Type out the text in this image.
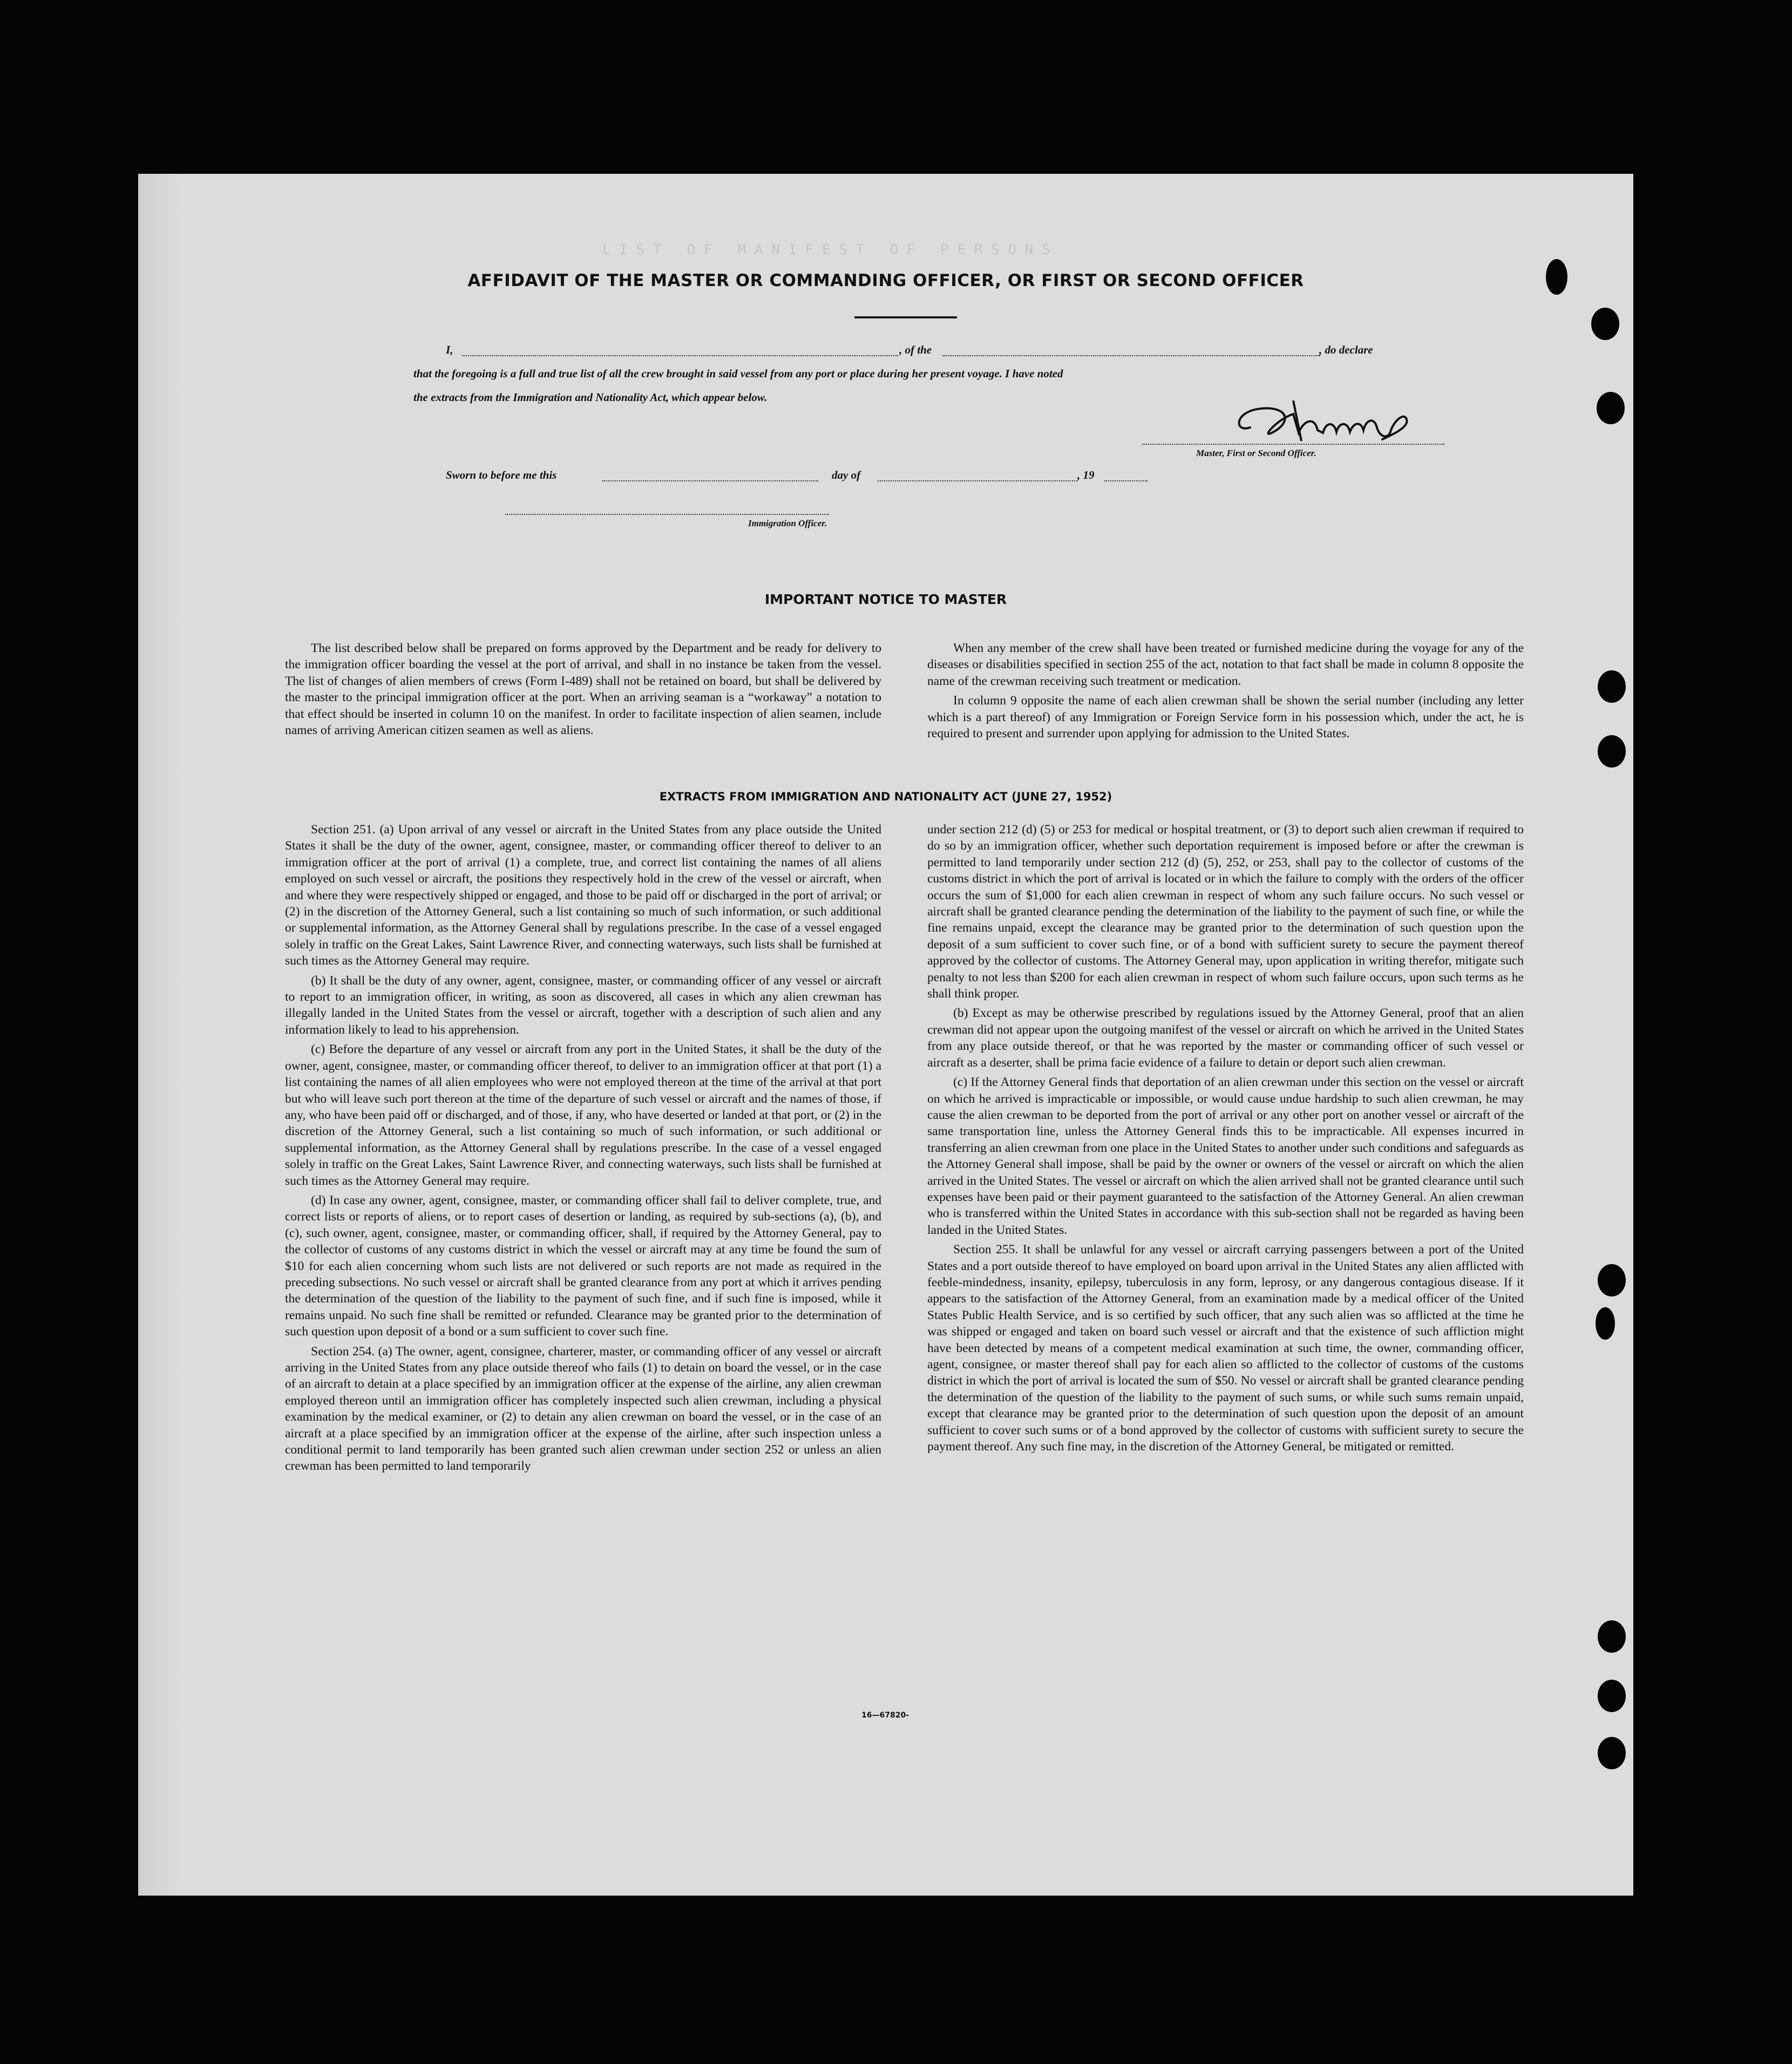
L I S T   O F   M A N I F E S T   O F   P E R S O N S
AFFIDAVIT OF THE MASTER OR COMMANDING OFFICER, OR FIRST OR SECOND OFFICER
I,	, of the	, do declare
that the foregoing is a full and true list of all the crew brought in said vessel from any port or place during her present voyage. I have noted
the extracts from the Immigration and Nationality Act, which appear below.
Master, First or Second Officer.
Sworn to before me this	day of	, 19
Immigration Officer.
IMPORTANT NOTICE TO MASTER

The list described below shall be prepared on forms approved by the Department and be ready for delivery to the immigration officer boarding the vessel at the port of arrival, and shall in no instance be taken from the vessel. The list of changes of alien members of crews (Form I-489) shall not be retained on board, but shall be delivered by the master to the principal immigration officer at the port. When an arriving seaman is a “workaway” a notation to that effect should be inserted in column 10 on the manifest. In order to facilitate inspection of alien seamen, include names of arriving American citizen seamen as well as aliens.

When any member of the crew shall have been treated or furnished medicine during the voyage for any of the diseases or disabilities specified in section 255 of the act, notation to that fact shall be made in column 8 opposite the name of the crewman receiving such treatment or medication.

In column 9 opposite the name of each alien crewman shall be shown the serial number (including any letter which is a part thereof) of any Immigration or Foreign Service form in his possession which, under the act, he is required to present and surrender upon applying for admission to the United States.

EXTRACTS FROM IMMIGRATION AND NATIONALITY ACT (JUNE 27, 1952)

Section 251. (a) Upon arrival of any vessel or aircraft in the United States from any place outside the United States it shall be the duty of the owner, agent, consignee, master, or commanding officer thereof to deliver to an immigration officer at the port of arrival (1) a complete, true, and correct list containing the names of all aliens employed on such vessel or aircraft, the positions they respectively hold in the crew of the vessel or aircraft, when and where they were respectively shipped or engaged, and those to be paid off or discharged in the port of arrival; or (2) in the discretion of the Attorney General, such a list containing so much of such information, or such additional or supplemental information, as the Attorney General shall by regulations prescribe. In the case of a vessel engaged solely in traffic on the Great Lakes, Saint Lawrence River, and connecting waterways, such lists shall be furnished at such times as the Attorney General may require.

(b) It shall be the duty of any owner, agent, consignee, master, or commanding officer of any vessel or aircraft to report to an immigration officer, in writing, as soon as discovered, all cases in which any alien crewman has illegally landed in the United States from the vessel or aircraft, together with a description of such alien and any information likely to lead to his apprehension.

(c) Before the departure of any vessel or aircraft from any port in the United States, it shall be the duty of the owner, agent, consignee, master, or commanding officer thereof, to deliver to an immigration officer at that port (1) a list containing the names of all alien employees who were not employed thereon at the time of the arrival at that port but who will leave such port thereon at the time of the departure of such vessel or aircraft and the names of those, if any, who have been paid off or discharged, and of those, if any, who have deserted or landed at that port, or (2) in the discretion of the Attorney General, such a list containing so much of such information, or such additional or supplemental information, as the Attorney General shall by regulations prescribe. In the case of a vessel engaged solely in traffic on the Great Lakes, Saint Lawrence River, and connecting waterways, such lists shall be furnished at such times as the Attorney General may require.

(d) In case any owner, agent, consignee, master, or commanding officer shall fail to deliver complete, true, and correct lists or reports of aliens, or to report cases of desertion or landing, as required by sub-sections (a), (b), and (c), such owner, agent, consignee, master, or commanding officer, shall, if required by the Attorney General, pay to the collector of customs of any customs district in which the vessel or aircraft may at any time be found the sum of $10 for each alien concerning whom such lists are not delivered or such reports are not made as required in the preceding subsections. No such vessel or aircraft shall be granted clearance from any port at which it arrives pending the determination of the question of the liability to the payment of such fine, and if such fine is imposed, while it remains unpaid. No such fine shall be remitted or refunded. Clearance may be granted prior to the determination of such question upon deposit of a bond or a sum sufficient to cover such fine.

Section 254. (a) The owner, agent, consignee, charterer, master, or commanding officer of any vessel or aircraft arriving in the United States from any place outside thereof who fails (1) to detain on board the vessel, or in the case of an aircraft to detain at a place specified by an immigration officer at the expense of the airline, any alien crewman employed thereon until an immigration officer has completely inspected such alien crewman, including a physical examination by the medical examiner, or (2) to detain any alien crewman on board the vessel, or in the case of an aircraft at a place specified by an immigration officer at the expense of the airline, after such inspection unless a conditional permit to land temporarily has been granted such alien crewman under section 252 or unless an alien crewman has been permitted to land temporarily

under section 212 (d) (5) or 253 for medical or hospital treatment, or (3) to deport such alien crewman if required to do so by an immigration officer, whether such deportation requirement is imposed before or after the crewman is permitted to land temporarily under section 212 (d) (5), 252, or 253, shall pay to the collector of customs of the customs district in which the port of arrival is located or in which the failure to comply with the orders of the officer occurs the sum of $1,000 for each alien crewman in respect of whom any such failure occurs. No such vessel or aircraft shall be granted clearance pending the determination of the liability to the payment of such fine, or while the fine remains unpaid, except the clearance may be granted prior to the determination of such question upon the deposit of a sum sufficient to cover such fine, or of a bond with sufficient surety to secure the payment thereof approved by the collector of customs. The Attorney General may, upon application in writing therefor, mitigate such penalty to not less than $200 for each alien crewman in respect of whom such failure occurs, upon such terms as he shall think proper.

(b) Except as may be otherwise prescribed by regulations issued by the Attorney General, proof that an alien crewman did not appear upon the outgoing manifest of the vessel or aircraft on which he arrived in the United States from any place outside thereof, or that he was reported by the master or commanding officer of such vessel or aircraft as a deserter, shall be prima facie evidence of a failure to detain or deport such alien crewman.

(c) If the Attorney General finds that deportation of an alien crewman under this section on the vessel or aircraft on which he arrived is impracticable or impossible, or would cause undue hardship to such alien crewman, he may cause the alien crewman to be deported from the port of arrival or any other port on another vessel or aircraft of the same transportation line, unless the Attorney General finds this to be impracticable. All expenses incurred in transferring an alien crewman from one place in the United States to another under such conditions and safeguards as the Attorney General shall impose, shall be paid by the owner or owners of the vessel or aircraft on which the alien arrived in the United States. The vessel or aircraft on which the alien arrived shall not be granted clearance until such expenses have been paid or their payment guaranteed to the satisfaction of the Attorney General. An alien crewman who is transferred within the United States in accordance with this sub-section shall not be regarded as having been landed in the United States.

Section 255. It shall be unlawful for any vessel or aircraft carrying passengers between a port of the United States and a port outside thereof to have employed on board upon arrival in the United States any alien afflicted with feeble-mindedness, insanity, epilepsy, tuberculosis in any form, leprosy, or any dangerous contagious disease. If it appears to the satisfaction of the Attorney General, from an examination made by a medical officer of the United States Public Health Service, and is so certified by such officer, that any such alien was so afflicted at the time he was shipped or engaged and taken on board such vessel or aircraft and that the existence of such affliction might have been detected by means of a competent medical examination at such time, the owner, commanding officer, agent, consignee, or master thereof shall pay for each alien so afflicted to the collector of customs of the customs district in which the port of arrival is located the sum of $50. No vessel or aircraft shall be granted clearance pending the determination of the question of the liability to the payment of such sums, or while such sums remain unpaid, except that clearance may be granted prior to the determination of such question upon the deposit of an amount sufficient to cover such sums or of a bond approved by the collector of customs with sufficient surety to secure the payment thereof. Any such fine may, in the discretion of the Attorney General, be mitigated or remitted.

16—67820-
